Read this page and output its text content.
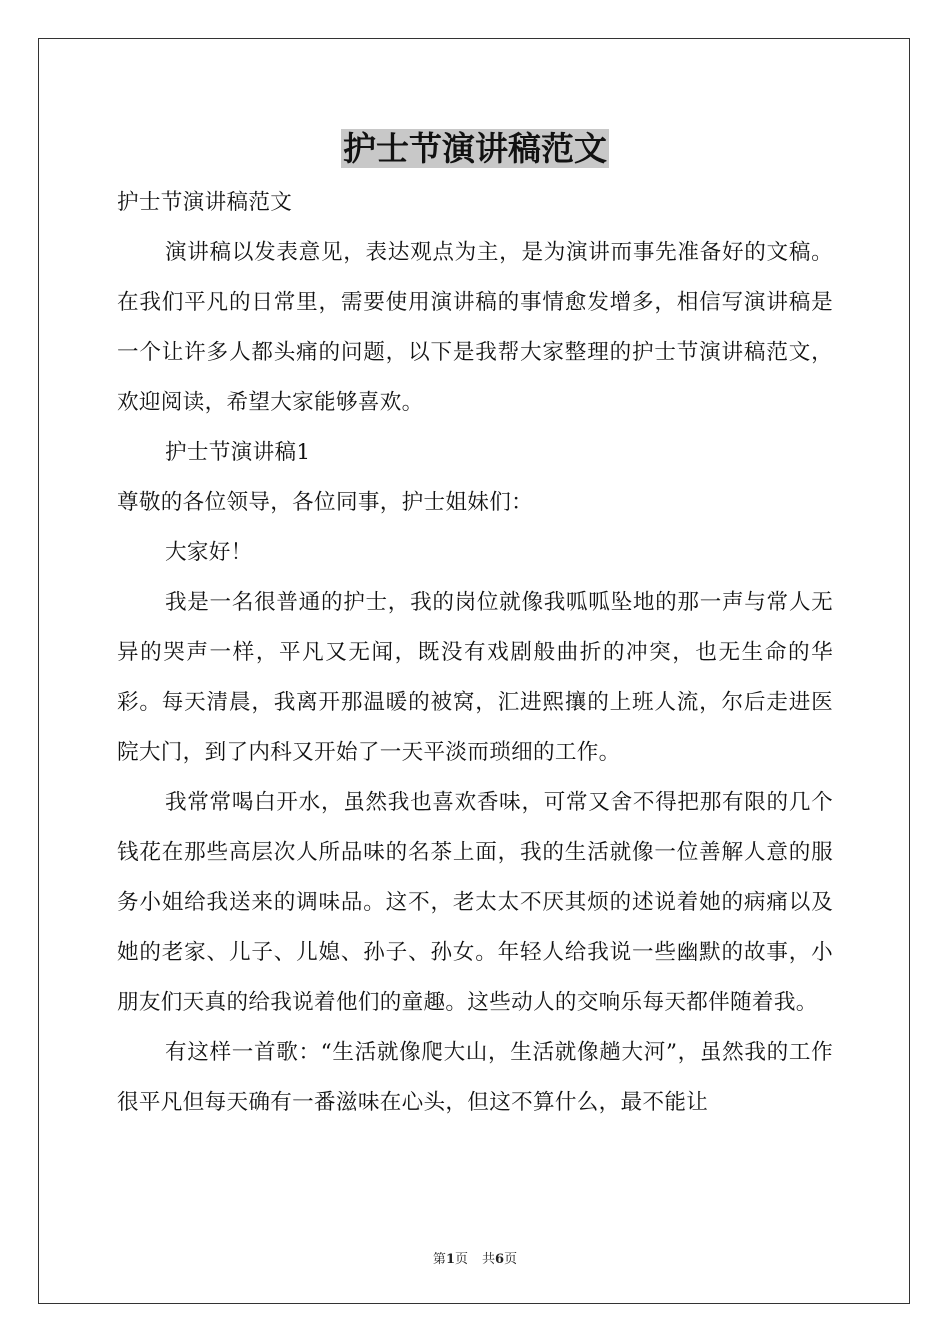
护士节演讲稿范文

护士节演讲稿范文

演讲稿以发表意见，表达观点为主，是为演讲而事先准备好的文稿。在我们平凡的日常里，需要使用演讲稿的事情愈发增多，相信写演讲稿是一个让许多人都头痛的问题，以下是我帮大家整理的护士节演讲稿范文，欢迎阅读，希望大家能够喜欢。

护士节演讲稿1

尊敬的各位领导，各位同事，护士姐妹们：

大家好！

我是一名很普通的护士，我的岗位就像我呱呱坠地的那一声与常人无异的哭声一样，平凡又无闻，既没有戏剧般曲折的冲突，也无生命的华彩。每天清晨，我离开那温暖的被窝，汇进熙攘的上班人流，尔后走进医院大门，到了内科又开始了一天平淡而琐细的工作。

我常常喝白开水，虽然我也喜欢香味，可常又舍不得把那有限的几个钱花在那些高层次人所品味的名茶上面，我的生活就像一位善解人意的服务小姐给我送来的调味品。这不，老太太不厌其烦的述说着她的病痛以及她的老家、儿子、儿媳、孙子、孙女。年轻人给我说一些幽默的故事，小朋友们天真的给我说着他们的童趣。这些动人的交响乐每天都伴随着我。

有这样一首歌：“生活就像爬大山，生活就像趟大河”，虽然我的工作很平凡但每天确有一番滋味在心头，但这不算什么，最不能让

第1页 共6页
